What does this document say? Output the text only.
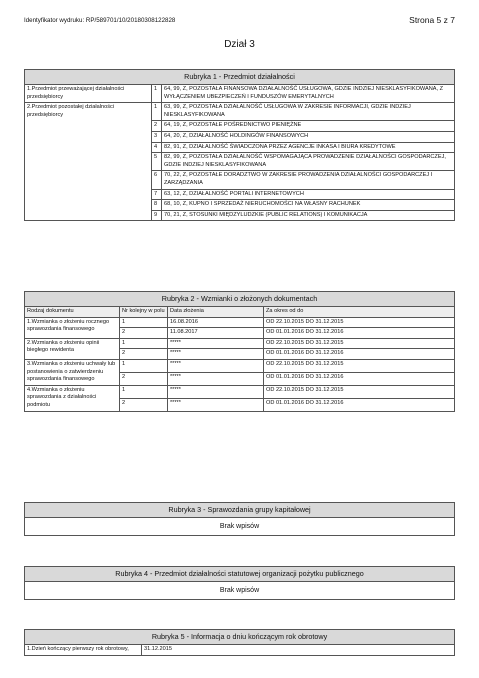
Identyfikator wydruku: RP/589701/10/20180308122828	Strona 5 z 7
Dział 3
Rubryka 1 - Przedmiot działalności		
1.Przedmiot przeważającej działalności przedsiębiorcy	1	64, 99, Z, POZOSTAŁA FINANSOWA DZIAŁALNOŚĆ USŁUGOWA, GDZIE INDZIEJ NIESKLASYFIKOWANA, Z WYŁĄCZENIEM UBEZPIECZEŃ I FUNDUSZÓW EMERYTALNYCH
2.Przedmiot pozostałej działalności przedsiębiorcy	1	63, 99, Z, POZOSTAŁA DZIAŁALNOŚĆ USŁUGOWA W ZAKRESIE INFORMACJI, GDZIE INDZIEJ NIESKLASYFIKOWANA
	2	64, 19, Z, POZOSTAŁE POŚREDNICTWO PIENIĘŻNE
	3	64, 20, Z, DZIAŁALNOŚĆ HOLDINGÓW FINANSOWYCH
	4	82, 91, Z, DZIAŁALNOŚĆ ŚWIADCZONA PRZEZ AGENCJE INKASA I BIURA KREDYTOWE
	5	82, 99, Z, POZOSTAŁA DZIAŁALNOŚĆ WSPOMAGAJĄCA PROWADZENIE DZIAŁALNOŚCI GOSPODARCZEJ, GDZIE INDZIEJ NIESKLASYFIKOWANA
	6	70, 22, Z, POZOSTAŁE DORADZTWO W ZAKRESIE PROWADZENIA DZIAŁALNOŚCI GOSPODARCZEJ I ZARZĄDZANIA
	7	63, 12, Z, DZIAŁALNOŚĆ PORTALI INTERNETOWYCH
	8	68, 10, Z, KUPNO I SPRZEDAŻ NIERUCHOMOŚCI NA WŁASNY RACHUNEK
	9	70, 21, Z, STOSUNKI MIĘDZYLUDZKIE (PUBLIC RELATIONS) I KOMUNIKACJA
Rubryka 2 - Wzmianki o złożonych dokumentach			
Rodzaj dokumentu	Nr kolejny w polu	Data złożenia	Za okres od do
1.Wzmianka o złożeniu rocznego sprawozdania finansowego	1	16.08.2016	OD 22.10.2015 DO 31.12.2015
	2	11.08.2017	OD 01.01.2016 DO 31.12.2016
2.Wzmianka o złożeniu opinii biegłego rewidenta	1	*****	OD 22.10.2015 DO 31.12.2015
	2	*****	OD 01.01.2016 DO 31.12.2016
3.Wzmianka o złożeniu uchwały lub postanowienia o zatwierdzeniu sprawozdania finansowego	1	*****	OD 22.10.2015 DO 31.12.2015
	2	*****	OD 01.01.2016 DO 31.12.2016
4.Wzmianka o złożeniu sprawozdania z działalności podmiotu	1	*****	OD 22.10.2015 DO 31.12.2015
	2	*****	OD 01.01.2016 DO 31.12.2016
Rubryka 3 - Sprawozdania grupy kapitałowej
Brak wpisów
Rubryka 4 - Przedmiot działalności statutowej organizacji pożytku publicznego
Brak wpisów
Rubryka 5 - Informacja o dniu kończącym rok obrotowy
1.Dzień kończący pierwszy rok obrotowy,	31.12.2015
